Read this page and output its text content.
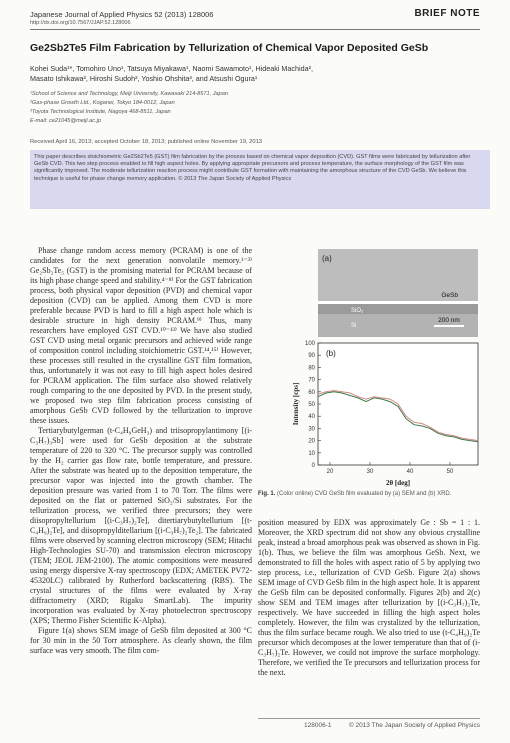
Japanese Journal of Applied Physics 52 (2013) 128006
http://dx.doi.org/10.7567/JJAP.52.128006
BRIEF NOTE
Ge2Sb2Te5 Film Fabrication by Tellurization of Chemical Vapor Deposited GeSb
Kohei Suda¹*, Tomohiro Uno¹, Tatsuya Miyakawa¹, Naomi Sawamoto¹, Hideaki Machida²,
Masato Ishikawa², Hiroshi Sudoh², Yoshio Ohshita³, and Atsushi Ogura¹
¹School of Science and Technology, Meiji University, Kawasaki 214-8571, Japan
²Gas-phase Growth Ltd., Koganei, Tokyo 184-0012, Japan
³Toyota Technological Institute, Nagoya 468-8511, Japan
E-mail: ce21045@meiji.ac.jp
Received April 16, 2013; accepted October 18, 2013; published online November 19, 2013

This paper describes stoichiometric Ge2Sb2Te5 (GST) film fabrication by the process based on chemical vapor deposition (CVD). GST films were fabricated by tellurization after GeSb CVD. This two step process enabled to fill high aspect holes. By applying appropriate precursors and process temperature, the surface morphology of the GST film was significantly improved. The moderate tellurization reaction process might contribute GST formation with maintaining the amorphous structure of the CVD GeSb. We believe this technique is useful for phase change memory application. © 2013 The Japan Society of Applied Physics

Phase change random access memory (PCRAM) is one of the candidates for the next generation nonvolatile memory.¹⁻³⁾ Ge₂Sb₂Te₅ (GST) is the promising material for PCRAM because of its high phase change speed and stability.⁴⁻⁸⁾ For the GST fabrication process, both physical vapor deposition (PVD) and chemical vapor deposition (CVD) can be applied. Among them CVD is more preferable because PVD is hard to fill a high aspect hole which is desirable structure in high density PCRAM.⁹⁾ Thus, many researchers have employed GST CVD.¹⁰⁻¹³⁾ We have also studied GST CVD using metal organic precursors and achieved wide range of composition control including stoichiometric GST.¹⁴,¹⁵⁾ However, these processes still resulted in the crystalline GST film formation, thus, unfortunately it was not easy to fill high aspect holes desired for PCRAM application. The film surface also showed relatively rough comparing to the one deposited by PVD. In the present study, we proposed two step film fabrication process consisting of amorphous GeSb CVD followed by the tellurization to improve these issues.

Tertiarybutylgerman (t-C₄H₉GeH₃) and triisopropylantimony [(i-C₃H₇)₃Sb] were used for GeSb deposition at the substrate temperature of 220 to 320 °C. The precursor supply was controlled by the H₂ carrier gas flow rate, bottle temperature, and pressure. After the substrate was heated up to the deposition temperature, the precursor vapor was injected into the growth chamber. The deposition pressure was varied from 1 to 70 Torr. The films were deposited on the flat or patterned SiO₂/Si substrates. For the tellurization process, we verified three precursors; they were diisopropyltellurium [(i-C₃H₇)₂Te], ditertiarybutyltellurium [(t-C₄H₉)₂Te], and diisopropylditellarium [(i-C₃H₇)₂Te₂]. The fabricated films were observed by scanning electron microscopy (SEM; Hitachi High-Technologies SU-70) and transmission electron microscopy (TEM; JEOL JEM-2100). The atomic compositions were measured using energy dispersive X-ray spectroscopy (EDX; AMETEK PV72-45320LC) calibrated by Rutherford backscattering (RBS). The crystal structures of the films were evaluated by X-ray diffractometry (XRD; Rigaku SmartLab). The impurity incorporation was evaluated by X-ray photoelectron spectroscopy (XPS; Thermo Fisher Scientific K-Alpha).

Figure 1(a) shows SEM image of GeSb film deposited at 300 °C for 30 min in the 50 Torr atmosphere. As clearly shown, the film surface was very smooth. The film com-

(a)
GeSb
SiO₂
Si
200 nm
(b)
0
10
20
30
40
50
60
70
80
90
100
20	30	40	50
2θ [deg]
Intensity [cps]
Fig. 1. (Color online) CVD GeSb film evaluated by (a) SEM and (b) XRD.

position measured by EDX was approximately Ge : Sb = 1 : 1. Moreover, the XRD spectrum did not show any obvious crystalline peak, instead a broad amorphous peak was observed as shown in Fig. 1(b). Thus, we believe the film was amorphous GeSb. Next, we demonstrated to fill the holes with aspect ratio of 5 by applying two step process, i.e., tellurization of CVD GeSb. Figure 2(a) shows SEM image of CVD GeSb film in the high aspect hole. It is apparent the GeSb film can be deposited conformally. Figures 2(b) and 2(c) show SEM and TEM images after tellurization by [(i-C₃H₇)₂Te, respectively. We have succeeded in filling the high aspect holes completely. However, the film was crystalized by the tellurization, thus the film surface became rough. We also tried to use (t-C₄H₉)₂Te precursor which decomposes at the lower temperature than that of (i-C₃H₇)₂Te. However, we could not improve the surface morphology. Therefore, we verified the Te precursors and tellurization process for the next.

128006-1	© 2013 The Japan Society of Applied Physics
